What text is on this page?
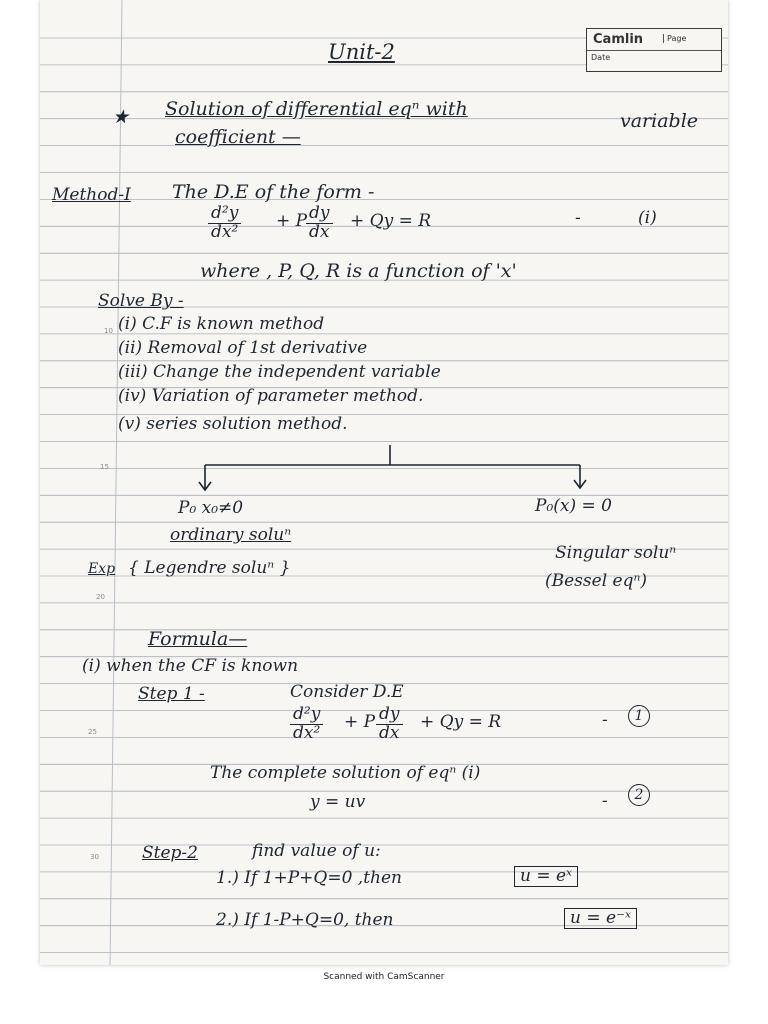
Camlin	Page
Date
Unit-2
★ Solution of differential eqⁿ with
variable
coefficient —
Method-I The D.E of the form -
$\frac{\text{d²y}}{\text{dx²}} + P$
$\frac{dy}{dx} + Qy = R$	-	(i)
where , P, Q, R is a function of 'x'
Solve By -
(i) C.F is known method
(ii) Removal of 1st derivative
(iii) Change the independent variable
(iv) Variation of parameter method.
(v) series solution method.
P₀ x₀≠0
ordinary soluⁿ
Exp { Legendre soluⁿ }
P₀(x) = 0
Singular soluⁿ
(Bessel eqⁿ)
Formula—
(i) when the CF is known
Step 1 -	Consider D.E
$\frac{\text{d²y}}{\text{dx²}} + P \frac{dy}{dx} + Qy = R$	-	1
The complete solution of eqⁿ (i)
y = uv	-	2
Step-2	find value of u:
1.) If 1+P+Q=0 ,then	u = eˣ
2.) If 1-P+Q=0, then	u = e⁻ˣ
10
15
20
25
30
Scanned with CamScanner
